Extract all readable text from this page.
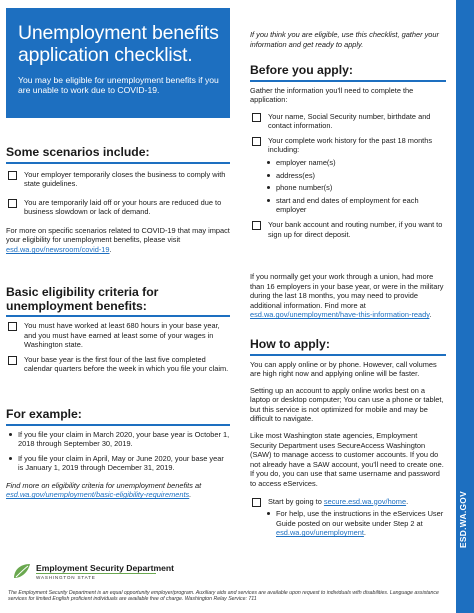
Unemployment benefits
application checklist.

You may be eligible for unemployment benefits if you are unable to work due to COVID-19.

Some scenarios include:

Your employer temporarily closes the business to comply with state guidelines.

You are temporarily laid off or your hours are reduced due to business slowdown or lack of demand.

For more on specific scenarios related to COVID-19 that may impact your eligibility for unemployment benefits, please visit esd.wa.gov/newsroom/covid-19.

Basic eligibility criteria for
unemployment benefits:

You must have worked at least 680 hours in your base year, and you must have earned at least some of your wages in Washington state.

Your base year is the first four of the last five completed calendar quarters before the week in which you file your claim.

For example:

If you file your claim in March 2020, your base year is October 1, 2018 through September 30, 2019.

If you file your claim in April, May or June 2020, your base year is January 1, 2019 through December 31, 2019.

Find more on eligibility criteria for unemployment benefits at esd.wa.gov/unemployment/basic-eligibility-requirements.

If you think you are eligible, use this checklist, gather your information and get ready to apply.

Before you apply:

Gather the information you'll need to complete the application:

Your name, Social Security number, birthdate and contact information.

Your complete work history for the past 18 months including:

employer name(s)

address(es)

phone number(s)

start and end dates of employment for each employer

Your bank account and routing number, if you want to sign up for direct deposit.

If you normally get your work through a union, had more than 16 employers in your base year, or were in the military during the last 18 months, you may need to provide additional information. Find more at esd.wa.gov/unemployment/have-this-information-ready.

How to apply:

You can apply online or by phone. However, call volumes are high right now and applying online will be faster.

Setting up an account to apply online works best on a laptop or desktop computer; You can use a phone or tablet, but this service is not optimized for mobile and may be difficult to navigate.

Like most Washington state agencies, Employment Security Department uses SecureAccess Washington (SAW) to manage access to customer accounts. If you do not already have a SAW account, you'll need to create one. If you do, you can use that same username and password to access eServices.

Start by going to secure.esd.wa.gov/home.

For help, use the instructions in the eServices User Guide posted on our website under Step 2 at esd.wa.gov/unemployment.	ESD.WA.GOV
Employment Security Department
WASHINGTON STATE
The Employment Security Department is an equal opportunity employer/program. Auxiliary aids and services are available upon request to individuals with disabilities. Language assistance services for limited English proficient individuals are available free of charge. Washington Relay Service: 711
